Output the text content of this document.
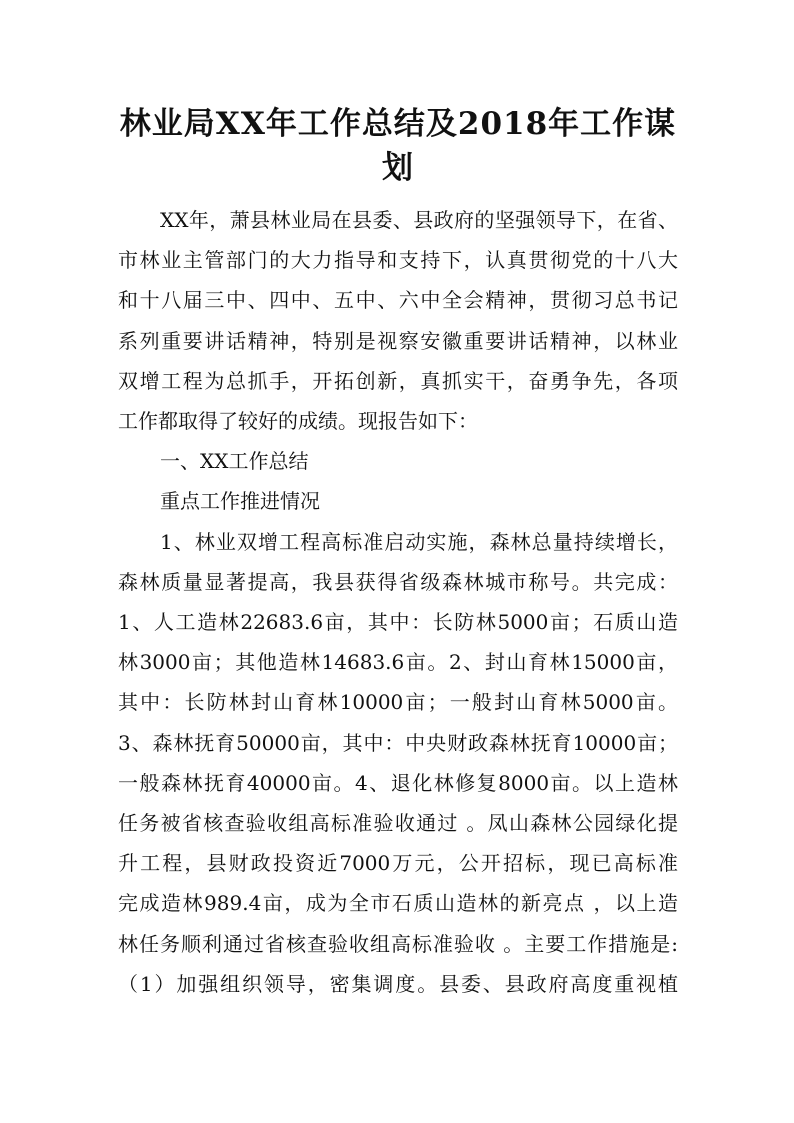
林业局XX年工作总结及2018年工作谋
划
XX年，萧县林业局在县委、县政府的坚强领导下，在省、
市林业主管部门的大力指导和支持下，认真贯彻党的十八大
和十八届三中、四中、五中、六中全会精神，贯彻习总书记
系列重要讲话精神，特别是视察安徽重要讲话精神，以林业
双增工程为总抓手，开拓创新，真抓实干，奋勇争先，各项
工作都取得了较好的成绩。现报告如下：
一、XX工作总结
重点工作推进情况
1、林业双增工程高标准启动实施，森林总量持续增长，
森林质量显著提高，我县获得省级森林城市称号。共完成：
1、人工造林22683.6亩，其中：长防林5000亩；石质山造
林3000亩；其他造林14683.6亩。2、封山育林15000亩，
其中：长防林封山育林10000亩；一般封山育林5000亩。
3、森林抚育50000亩，其中：中央财政森林抚育10000亩；
一般森林抚育40000亩。4、退化林修复8000亩。以上造林
任务被省核查验收组高标准验收通过 。凤山森林公园绿化提
升工程，县财政投资近7000万元，公开招标，现已高标准
完成造林989.4亩，成为全市石质山造林的新亮点 ，以上造
林任务顺利通过省核查验收组高标准验收 。主要工作措施是:
（1）加强组织领导，密集调度。县委、县政府高度重视植
